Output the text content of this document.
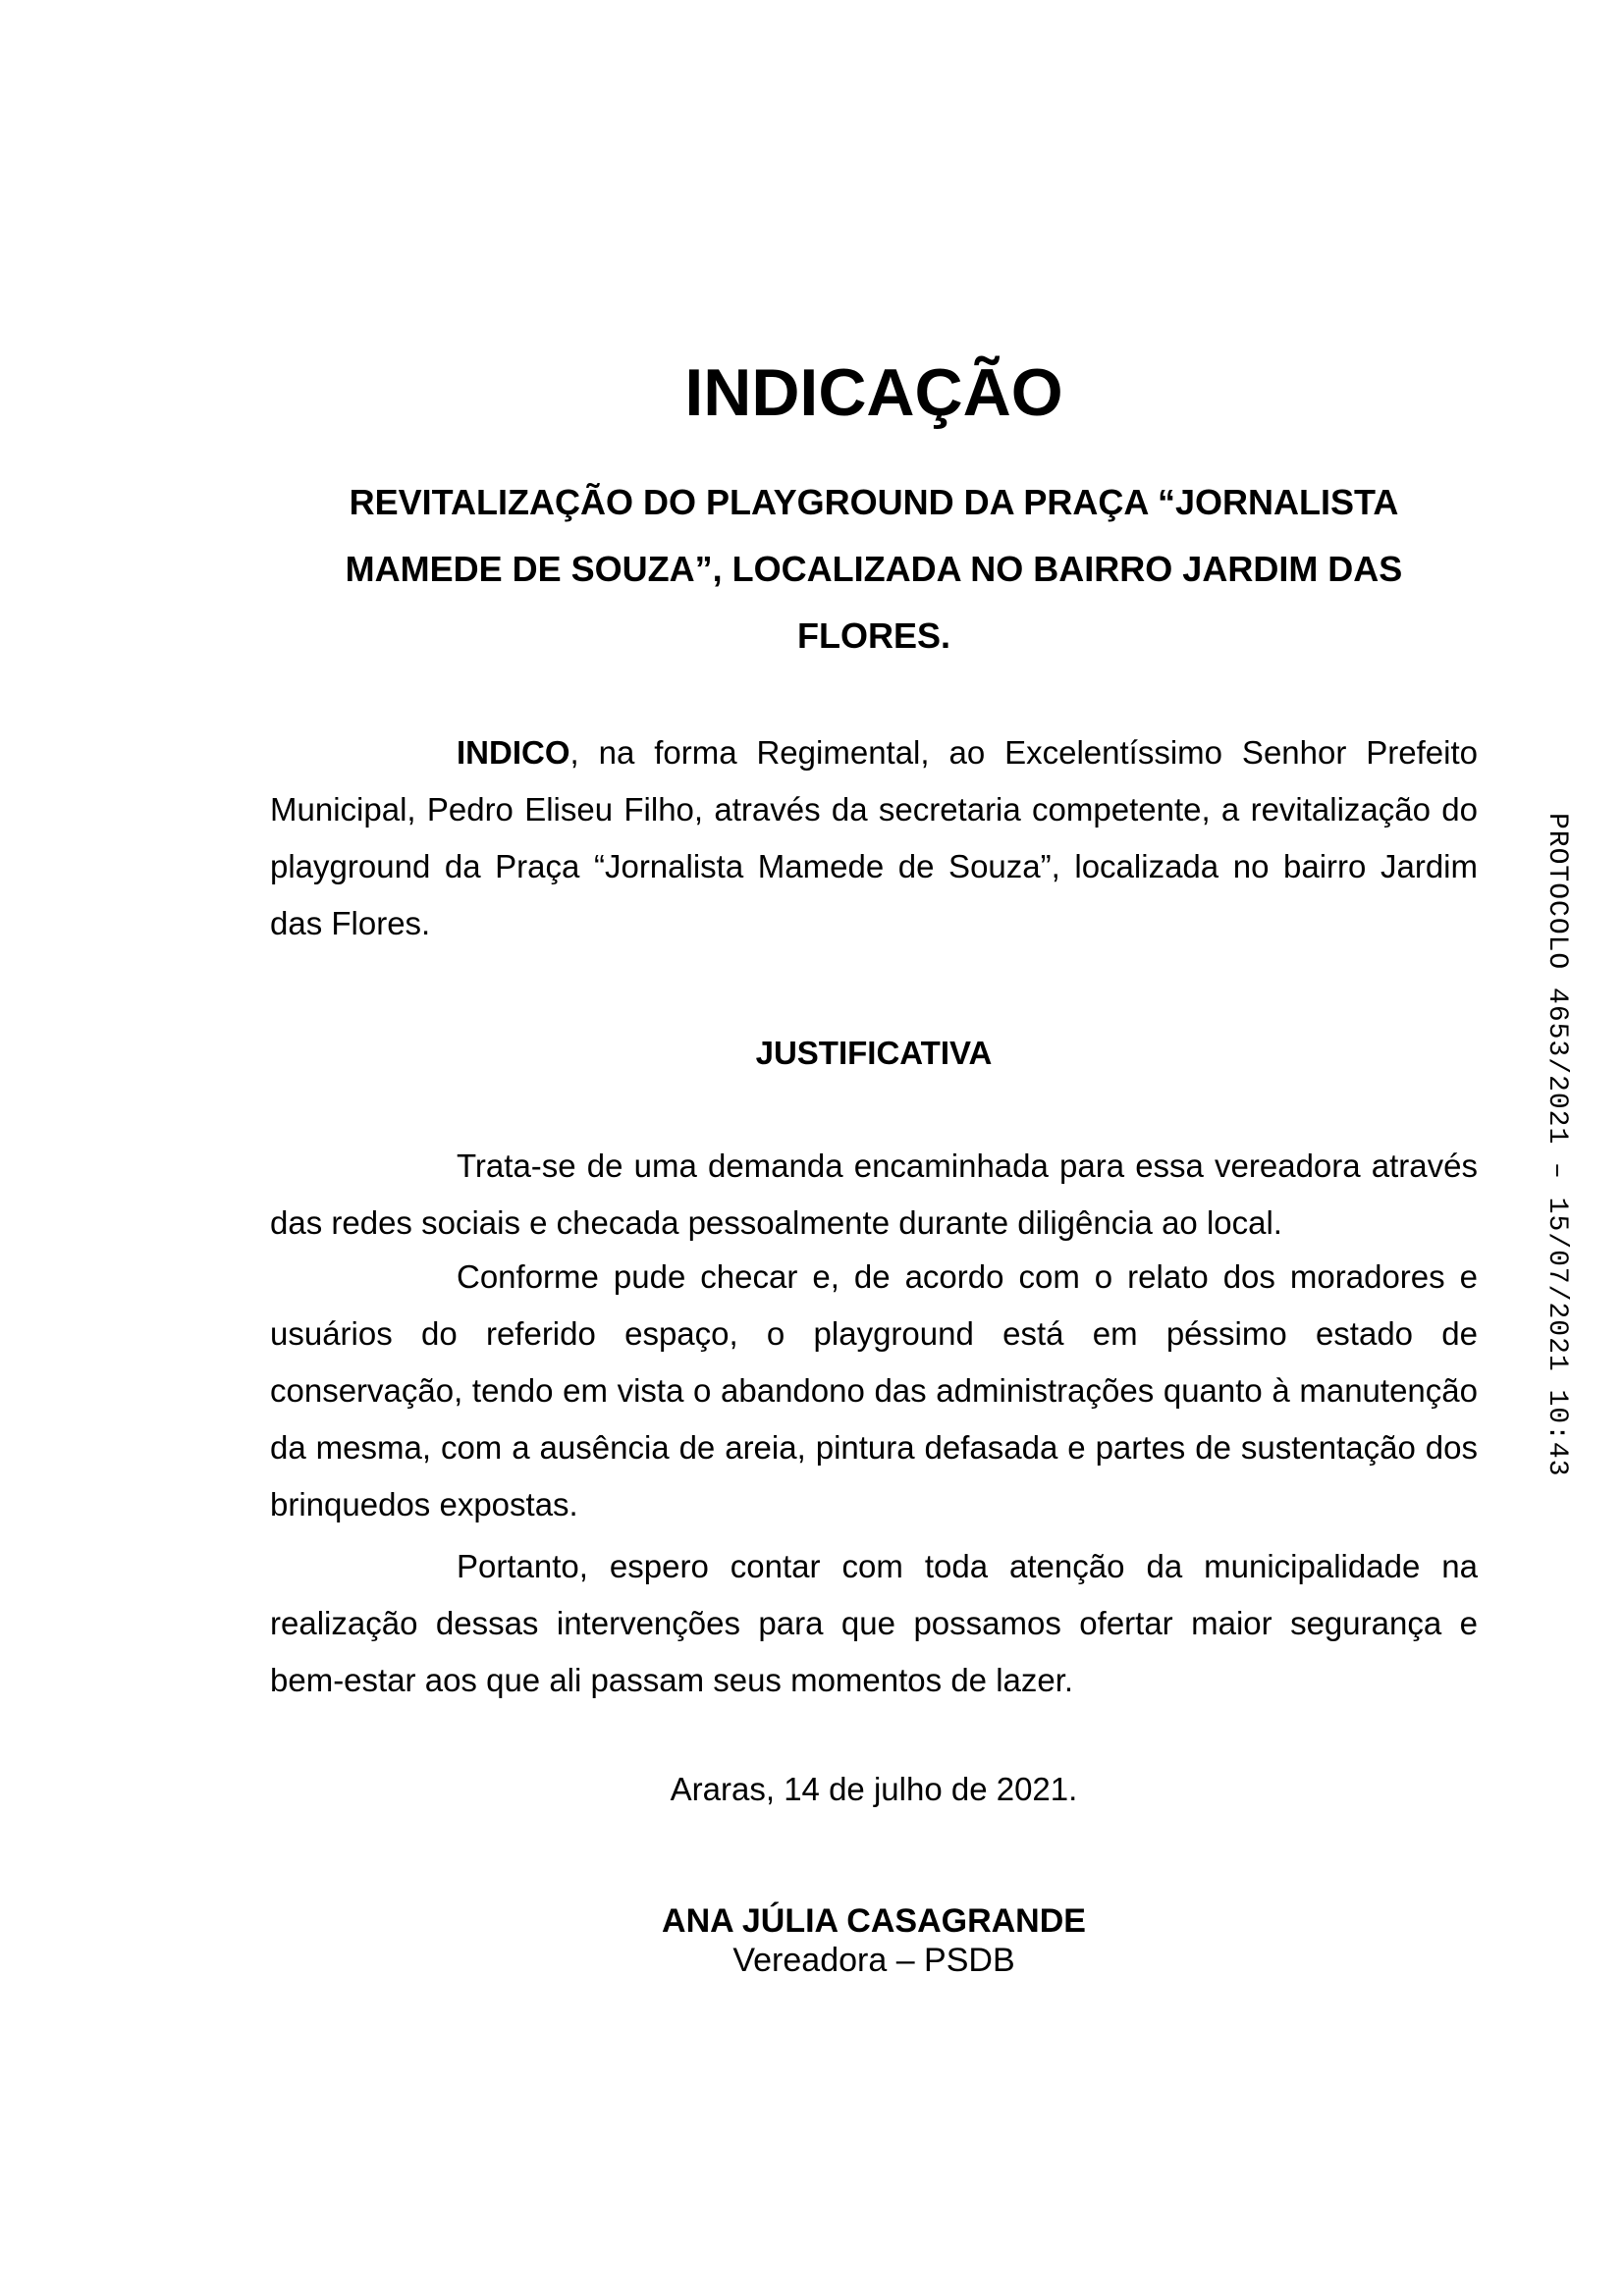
INDICAÇÃO
REVITALIZAÇÃO DO PLAYGROUND DA PRAÇA “JORNALISTA MAMEDE DE SOUZA”, LOCALIZADA NO BAIRRO JARDIM DAS FLORES.

INDICO, na forma Regimental, ao Excelentíssimo Senhor Prefeito Municipal, Pedro Eliseu Filho, através da secretaria competente, a revitalização do playground da Praça “Jornalista Mamede de Souza”, localizada no bairro Jardim das Flores.

JUSTIFICATIVA

Trata-se de uma demanda encaminhada para essa vereadora através das redes sociais e checada pessoalmente durante diligência ao local.

Conforme pude checar e, de acordo com o relato dos moradores e usuários do referido espaço, o playground está em péssimo estado de conservação, tendo em vista o abandono das administrações quanto à manutenção da mesma, com a ausência de areia, pintura defasada e partes de sustentação dos brinquedos expostas.

Portanto, espero contar com toda atenção da municipalidade na realização dessas intervenções para que possamos ofertar maior segurança e bem-estar aos que ali passam seus momentos de lazer.

Araras, 14 de julho de 2021.
ANA JÚLIA CASAGRANDE
Vereadora – PSDB
PROTOCOLO 4653/2021 – 15/07/2021 10:43
